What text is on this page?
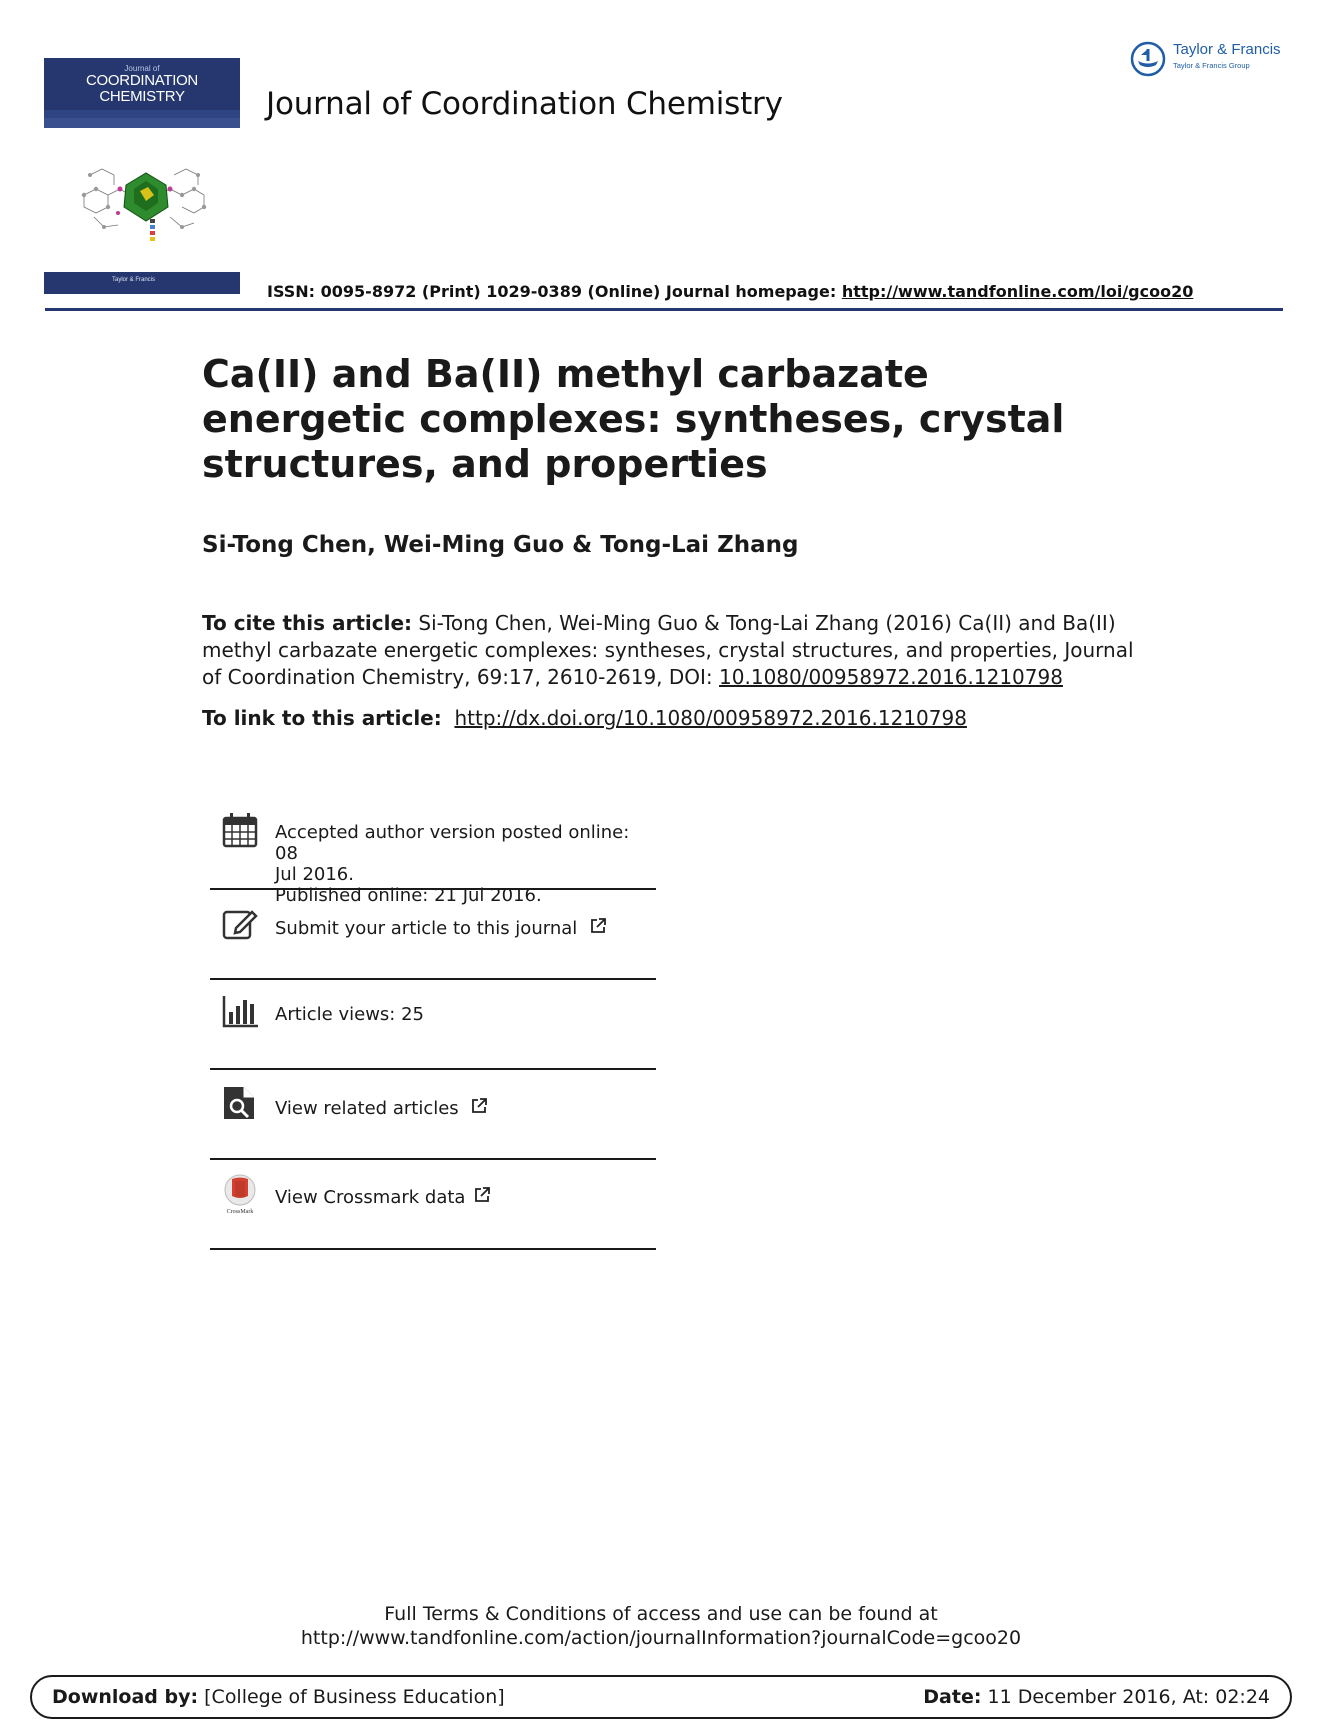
Journal of
COORDINATION
CHEMISTRY
Taylor & Francis
Journal of Coordination Chemistry
Taylor & Francis
Taylor & Francis Group
ISSN: 0095-8972 (Print) 1029-0389 (Online) Journal homepage: http://www.tandfonline.com/loi/gcoo20
Ca(II) and Ba(II) methyl carbazate energetic complexes: syntheses, crystal structures, and properties
Si-Tong Chen, Wei-Ming Guo & Tong-Lai Zhang
To cite this article: Si-Tong Chen, Wei-Ming Guo & Tong-Lai Zhang (2016) Ca(II) and Ba(II) methyl carbazate energetic complexes: syntheses, crystal structures, and properties, Journal of Coordination Chemistry, 69:17, 2610-2619, DOI: 10.1080/00958972.2016.1210798
To link to this article: http://dx.doi.org/10.1080/00958972.2016.1210798
Accepted author version posted online: 08
Jul 2016.
Published online: 21 Jul 2016.
Submit your article to this journal
Article views: 25
View related articles
CrossMark
View Crossmark data
Full Terms & Conditions of access and use can be found at
http://www.tandfonline.com/action/journalInformation?journalCode=gcoo20
Download by: [College of Business Education]	Date: 11 December 2016, At: 02:24
